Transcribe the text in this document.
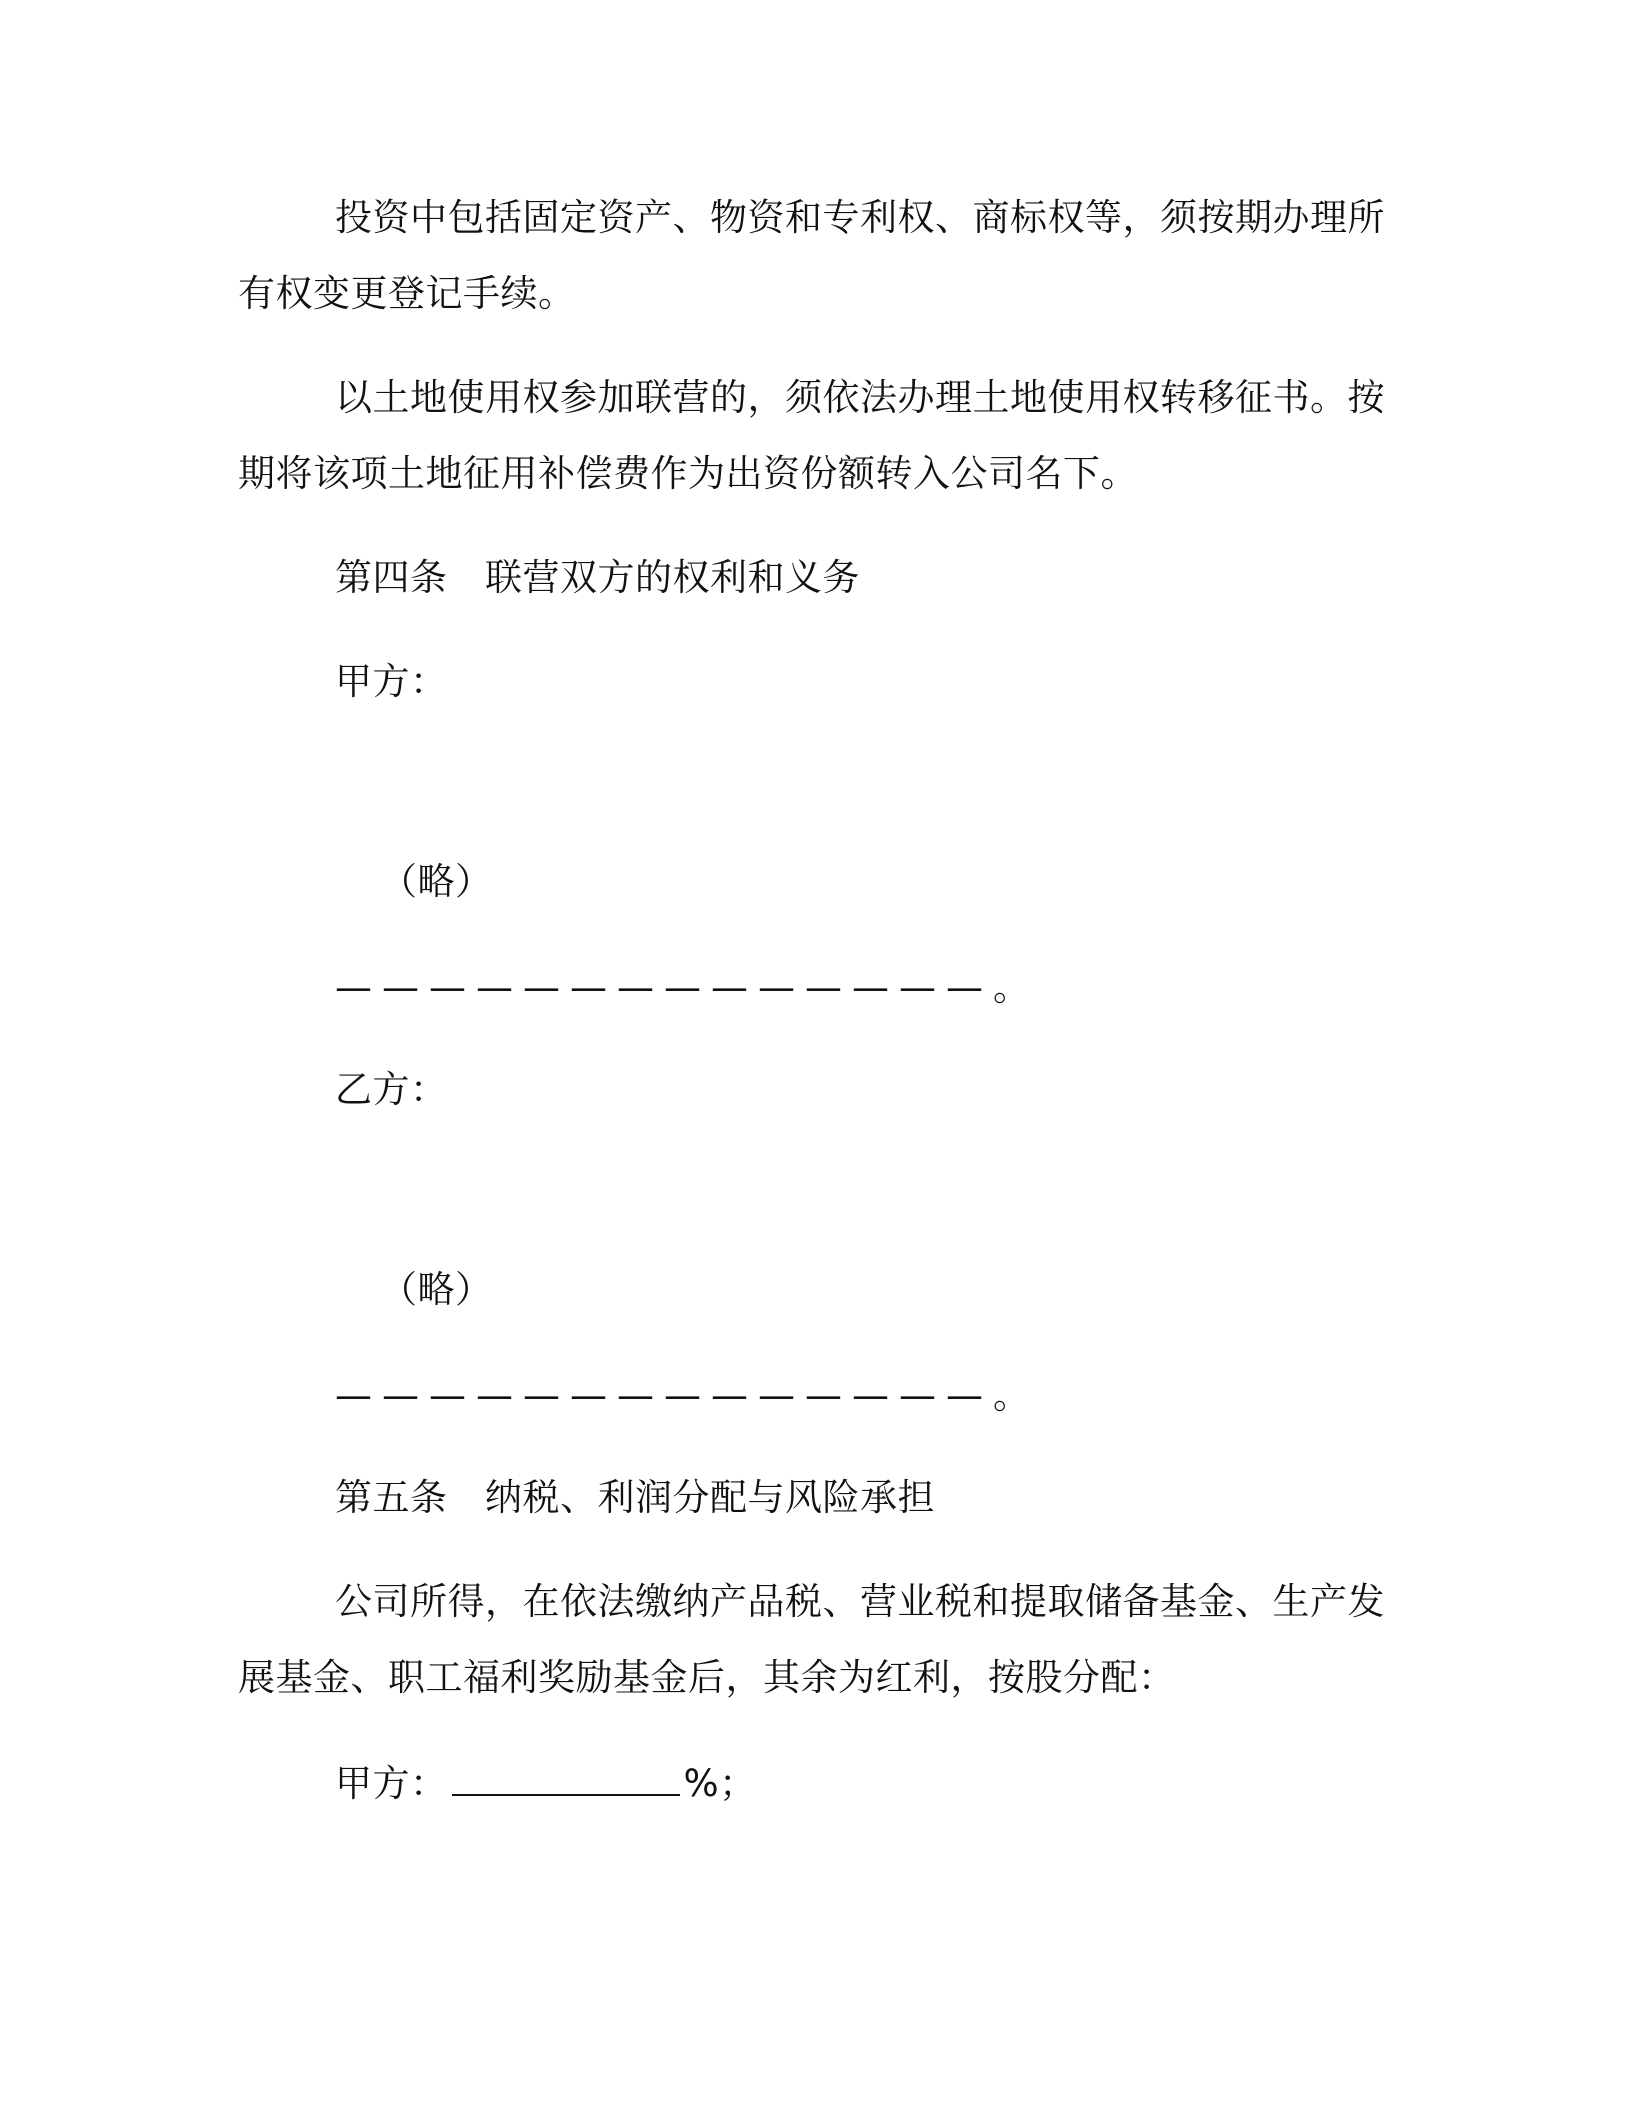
投资中包括固定资产、物资和专利权、商标权等，须按期办理所
有权变更登记手续。
以土地使用权参加联营的，须依法办理土地使用权转移征书。按
期将该项土地征用补偿费作为出资份额转入公司名下。
第四条　联营双方的权利和义务
甲方：
（略）
——————————————。
乙方：
（略）
——————————————。
第五条　纳税、利润分配与风险承担
公司所得，在依法缴纳产品税、营业税和提取储备基金、生产发
展基金、职工福利奖励基金后，其余为红利，按股分配：
甲方：	%；
